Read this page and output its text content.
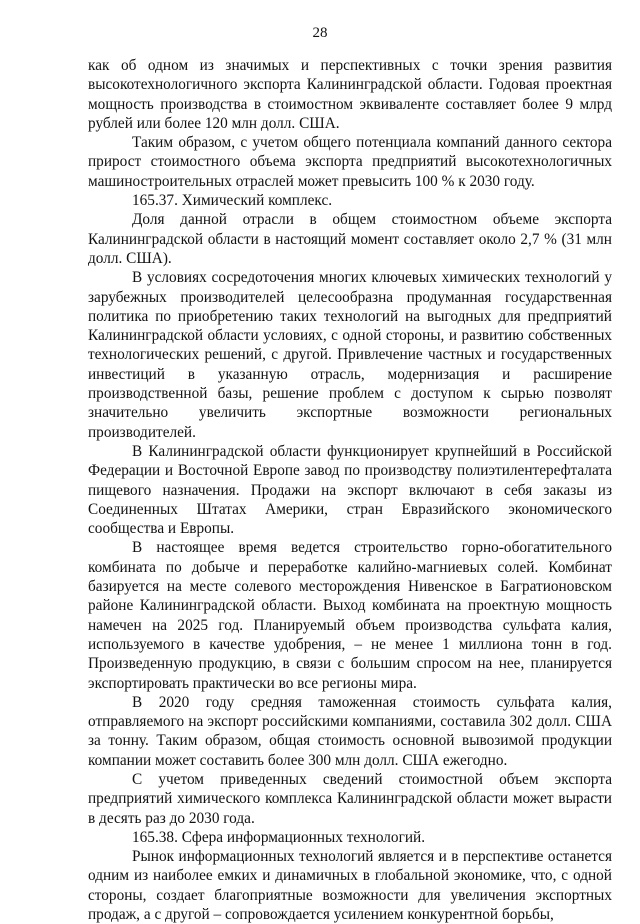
28

как об одном из значимых и перспективных с точки зрения развития высокотехнологичного экспорта Калининградской области. Годовая проектная мощность производства в стоимостном эквиваленте составляет более 9 млрд рублей или более 120 млн долл. США.

Таким образом, с учетом общего потенциала компаний данного сектора прирост стоимостного объема экспорта предприятий высокотехнологичных машиностроительных отраслей может превысить 100 % к 2030 году.

165.37. Химический комплекс.

Доля данной отрасли в общем стоимостном объеме экспорта Калининградской области в настоящий момент составляет около 2,7 % (31 млн долл. США).

В условиях сосредоточения многих ключевых химических технологий у зарубежных производителей целесообразна продуманная государственная политика по приобретению таких технологий на выгодных для предприятий Калининградской области условиях, с одной стороны, и развитию собственных технологических решений, с другой. Привлечение частных и государственных инвестиций в указанную отрасль, модернизация и расширение производственной базы, решение проблем с доступом к сырью позволят значительно увеличить экспортные возможности региональных производителей.

В Калининградской области функционирует крупнейший в Российской Федерации и Восточной Европе завод по производству полиэтилентерефталата пищевого назначения. Продажи на экспорт включают в себя заказы из Соединенных Штатах Америки, стран Евразийского экономического сообщества и Европы.

В настоящее время ведется строительство горно-обогатительного комбината по добыче и переработке калийно-магниевых солей. Комбинат базируется на месте солевого месторождения Нивенское в Багратионовском районе Калининградской области. Выход комбината на проектную мощность намечен на 2025 год. Планируемый объем производства сульфата калия, используемого в качестве удобрения, – не менее 1 миллиона тонн в год. Произведенную продукцию, в связи с большим спросом на нее, планируется экспортировать практически во все регионы мира.

В 2020 году средняя таможенная стоимость сульфата калия, отправляемого на экспорт российскими компаниями, составила 302 долл. США за тонну. Таким образом, общая стоимость основной вывозимой продукции компании может составить более 300 млн долл. США ежегодно.

С учетом приведенных сведений стоимостной объем экспорта предприятий химического комплекса Калининградской области может вырасти в десять раз до 2030 года.

165.38. Сфера информационных технологий.

Рынок информационных технологий является и в перспективе останется одним из наиболее емких и динамичных в глобальной экономике, что, с одной стороны, создает благоприятные возможности для увеличения экспортных продаж, а с другой – сопровождается усилением конкурентной борьбы,
